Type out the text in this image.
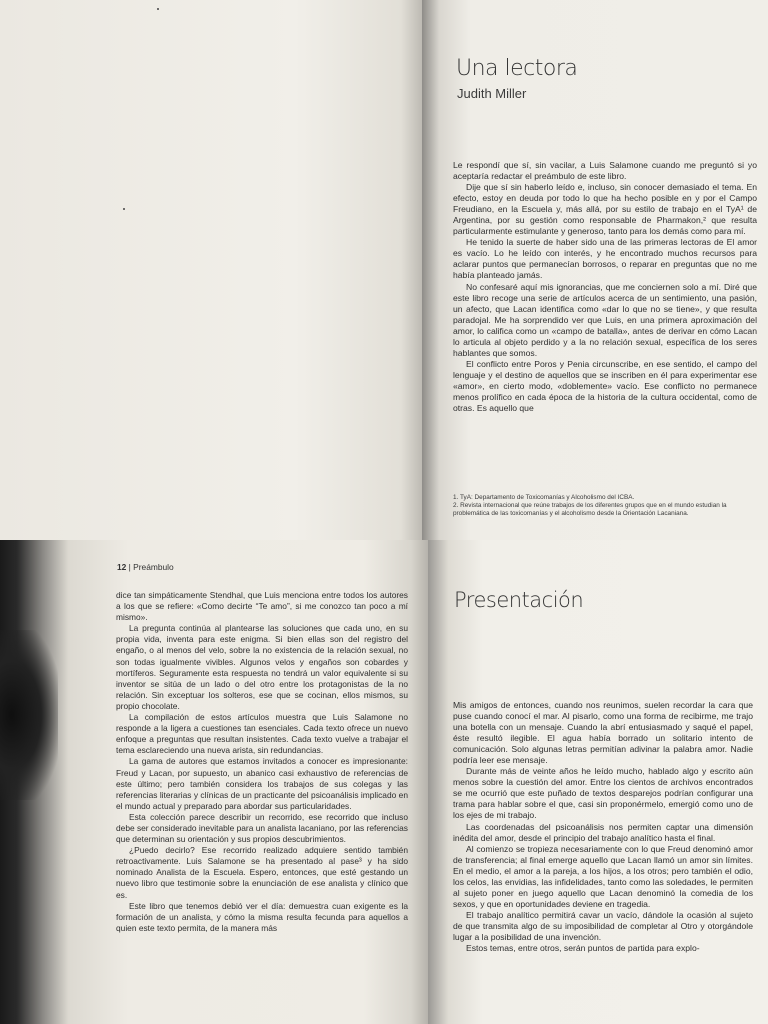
Una lectora
Judith Miller

Le respondí que sí, sin vacilar, a Luis Salamone cuando me preguntó si yo aceptaría redactar el preámbulo de este libro.

Dije que sí sin haberlo leído e, incluso, sin conocer demasiado el tema. En efecto, estoy en deuda por todo lo que ha hecho posible en y por el Campo Freudiano, en la Escuela y, más allá, por su estilo de trabajo en el TyA¹ de Argentina, por su gestión como responsable de Pharmakon,² que resulta particularmente estimulante y generoso, tanto para los demás como para mí.

He tenido la suerte de haber sido una de las primeras lectoras de El amor es vacío. Lo he leído con interés, y he encontrado muchos recursos para aclarar puntos que permanecían borrosos, o reparar en preguntas que no me había planteado jamás.

No confesaré aquí mis ignorancias, que me conciernen solo a mí. Diré que este libro recoge una serie de artículos acerca de un sentimiento, una pasión, un afecto, que Lacan identifica como «dar lo que no se tiene», y que resulta paradojal. Me ha sorprendido ver que Luis, en una primera aproximación del amor, lo califica como un «campo de batalla», antes de derivar en cómo Lacan lo articula al objeto perdido y a la no relación sexual, específica de los seres hablantes que somos.

El conflicto entre Poros y Penia circunscribe, en ese sentido, el campo del lenguaje y el destino de aquellos que se inscriben en él para experimentar ese «amor», en cierto modo, «doblemente» vacío. Ese conflicto no permanece menos prolífico en cada época de la historia de la cultura occidental, como de otras. Es aquello que

1. TyA: Departamento de Toxicomanías y Alcoholismo del ICBA.

2. Revista internacional que reúne trabajos de los diferentes grupos que en el mundo estudian la problemática de las toxicomanías y el alcoholismo desde la Orientación Lacaniana.

12 | Preámbulo

dice tan simpáticamente Stendhal, que Luis menciona entre todos los autores a los que se refiere: «Como decirte “Te amo”, si me conozco tan poco a mí mismo».

La pregunta continúa al plantearse las soluciones que cada uno, en su propia vida, inventa para este enigma. Si bien ellas son del registro del engaño, o al menos del velo, sobre la no existencia de la relación sexual, no son todas igualmente vivibles. Algunos velos y engaños son cobardes y mortíferos. Seguramente esta respuesta no tendrá un valor equivalente si su inventor se sitúa de un lado o del otro entre los protagonistas de la no relación. Sin exceptuar los solteros, ese que se cocinan, ellos mismos, su propio chocolate.

La compilación de estos artículos muestra que Luis Salamone no responde a la ligera a cuestiones tan esenciales. Cada texto ofrece un nuevo enfoque a preguntas que resultan insistentes. Cada texto vuelve a trabajar el tema esclareciendo una nueva arista, sin redundancias.

La gama de autores que estamos invitados a conocer es impresionante: Freud y Lacan, por supuesto, un abanico casi exhaustivo de referencias de este último; pero también considera los trabajos de sus colegas y las referencias literarias y clínicas de un practicante del psicoanálisis implicado en el mundo actual y preparado para abordar sus particularidades.

Esta colección parece describir un recorrido, ese recorrido que incluso debe ser considerado inevitable para un analista lacaniano, por las referencias que determinan su orientación y sus propios descubrimientos.

¿Puedo decirlo? Ese recorrido realizado adquiere sentido también retroactivamente. Luis Salamone se ha presentado al pase³ y ha sido nominado Analista de la Escuela. Espero, entonces, que esté gestando un nuevo libro que testimonie sobre la enunciación de ese analista y clínico que es.

Este libro que tenemos debió ver el día: demuestra cuan exigente es la formación de un analista, y cómo la misma resulta fecunda para aquellos a quien este texto permita, de la manera más

Presentación

Mis amigos de entonces, cuando nos reunimos, suelen recordar la cara que puse cuando conocí el mar. Al pisarlo, como una forma de recibirme, me trajo una botella con un mensaje. Cuando la abrí entusiasmado y saqué el papel, éste resultó ilegible. El agua había borrado un solitario intento de comunicación. Solo algunas letras permitían adivinar la palabra amor. Nadie podría leer ese mensaje.

Durante más de veinte años he leído mucho, hablado algo y escrito aún menos sobre la cuestión del amor. Entre los cientos de archivos encontrados se me ocurrió que este puñado de textos desparejos podrían configurar una trama para hablar sobre el que, casi sin proponérmelo, emergió como uno de los ejes de mi trabajo.

Las coordenadas del psicoanálisis nos permiten captar una dimensión inédita del amor, desde el principio del trabajo analítico hasta el final.

Al comienzo se tropieza necesariamente con lo que Freud denominó amor de transferencia; al final emerge aquello que Lacan llamó un amor sin límites. En el medio, el amor a la pareja, a los hijos, a los otros; pero también el odio, los celos, las envidias, las infidelidades, tanto como las soledades, le permiten al sujeto poner en juego aquello que Lacan denominó la comedia de los sexos, y que en oportunidades deviene en tragedia.

El trabajo analítico permitirá cavar un vacío, dándole la ocasión al sujeto de que transmita algo de su imposibilidad de completar al Otro y otorgándole lugar a la posibilidad de una invención.

Estos temas, entre otros, serán puntos de partida para explo-
